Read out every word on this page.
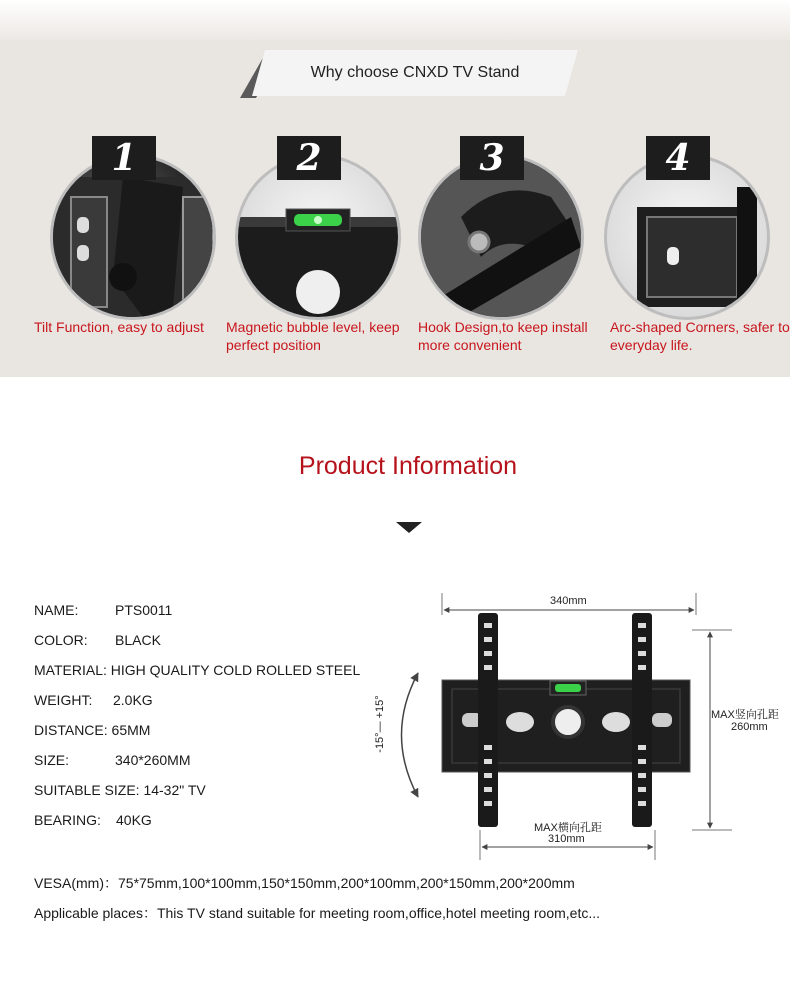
Why choose CNXD TV Stand
1
Tilt Function, easy to adjust
2
Magnetic bubble level, keep perfect position
3
Hook Design,to keep install more convenient
4
Arc-shaped Corners, safer to everyday life.
Product Information
NAME:	PTS0011
COLOR: BLACK
MATERIAL: HIGH QUALITY COLD ROLLED STEEL
WEIGHT: 2.0KG
DISTANCE: 65MM
SIZE:	340*260MM
SUITABLE SIZE: 14-32" TV
BEARING: 40KG
VESA(mm)：75*75mm,100*100mm,150*150mm,200*100mm,200*150mm,200*200mm
Applicable places：This TV stand suitable for meeting room,office,hotel meeting room,etc...
340mm
MAX竖向孔距
260mm
MAX横向孔距
310mm
-15°— +15°
